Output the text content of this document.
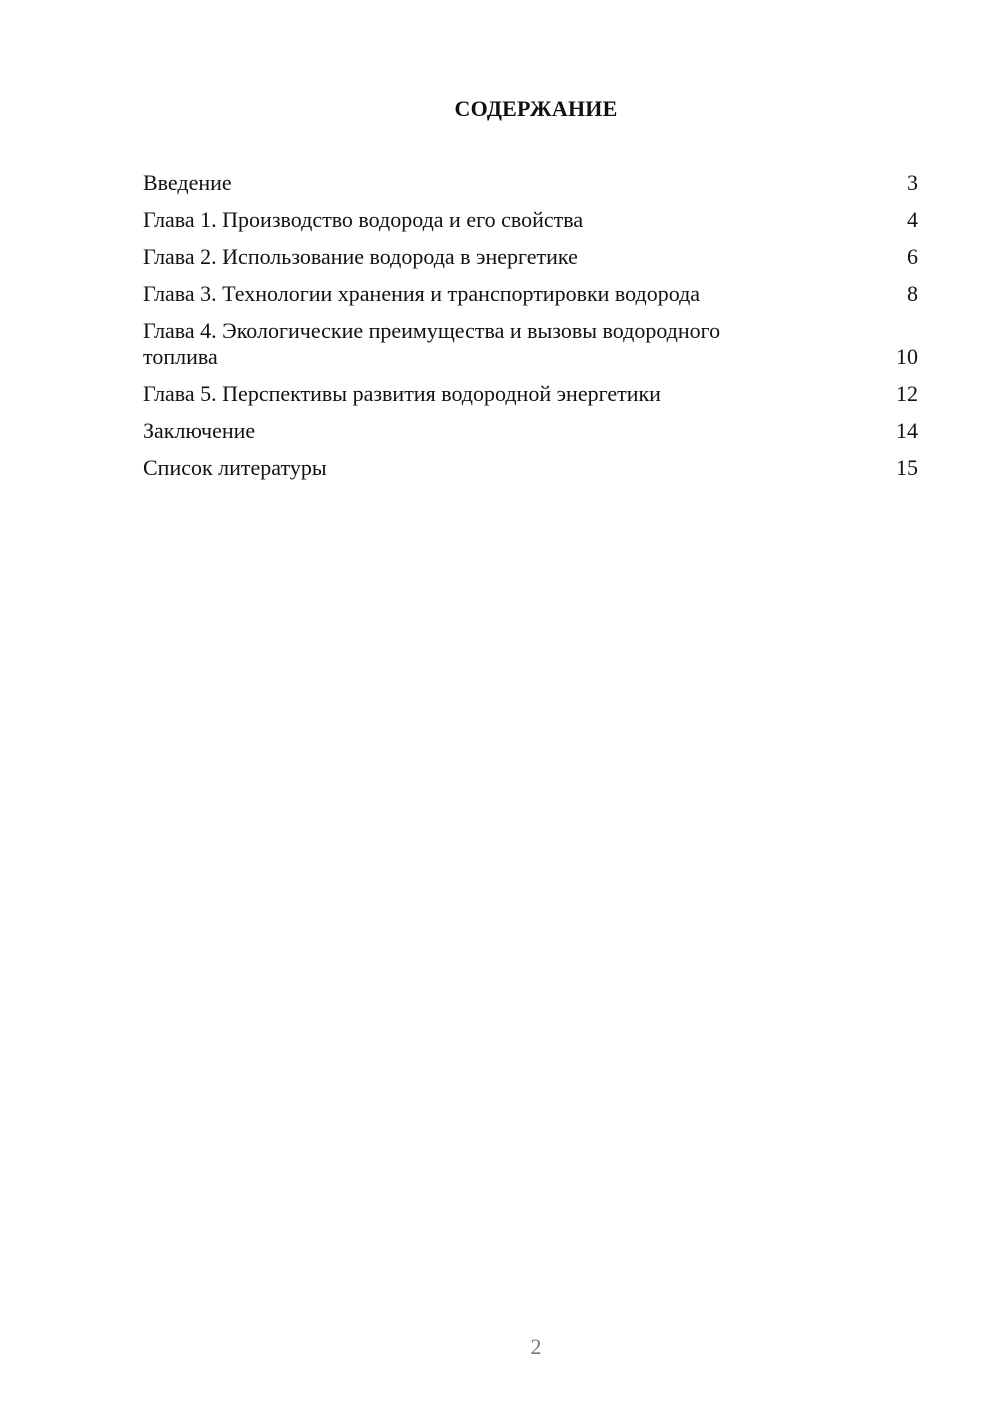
СОДЕРЖАНИЕ
Введение	3
Глава 1. Производство водорода и его свойства	4
Глава 2. Использование водорода в энергетике	6
Глава 3. Технологии хранения и транспортировки водорода	8
Глава 4. Экологические преимущества и вызовы водородного
топлива	10
Глава 5. Перспективы развития водородной энергетики	12
Заключение	14
Список литературы	15
2
